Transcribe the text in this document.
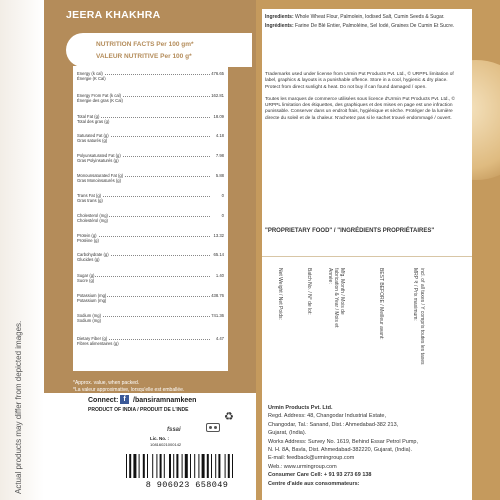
Actual products may differ from depicted images.
JEERA KHAKHRA
NUTRITION FACTS Per 100 gm*
VALEUR NUTRITIVE Per 100 g*
Energy (k cal)	476.65
Énergie (K Cal)
Energy From Fat (k cal)	162.81
Énergie des gras (K Cal)
Total Fat (g)	18.09
Total des gras (g)
Saturated Fat (g)	4.18
Gras saturés (g)
Polyunsaturated Fat (g)	7.98
Gras Polyinsaturés (g)
Monounsaturated Fat (g)	5.88
Gras Monoinsaturés (g)
Trans Fat (g)	0
Gras trans (g)
Cholesterol (mg)	0
Cholestérol (mg)
Protein (g)	13.32
Protéine (g)
Carbohydrate (g)	65.14
Glucides (g)
Sugar (g)	1.40
Sucre (g)
Potassium (mg)	438.76
Potassium (mg)
Sodium (mg)	741.36
Sodium (mg)
Dietary Fiber (g)	4.47
Fibres alimentaires (g)
*Approx. value, when packed.
*La valeur approximative, lorsqu'elle est emballée.
Connect: f	/bansiramnamkeen
PRODUCT OF INDIA / PRODUIT DE L'INDE
fssai
♻
Lic. No. :
10816021000142
8 906023 658049
Ingredients: Whole Wheat Flour, Palmolein, Iodised Salt, Cumin Seeds & Sugar.
Ingrédients: Farine De Blé Entier, Palmoléine, Sel Iodé, Graines De Cumin Et Sucre.

Trademarks used under license from Urmin Put Products Pvt. Ltd., © URPPL limitation of label, graphics & layouts is a punishable offence. Store in a cool, hygienic & dry place. Protect from direct sunlight & heat. Do not buy if can found damaged / open.

Toutes les marques de commerce utilisées sous licence d'Urmin Put Products Pvt. Ltd., © URPPL limitation des étiquettes, des graphiques et des mises en page est une infraction punissable. Conserver dans un endroit frais, hygiénique et sèche. Protéger de la lumière directe du soleil et de la chaleur. N'achetez pas si le sachet trouvé endommagé / ouvert.

"PROPRIETARY FOOD" / "INGRÉDIENTS PROPRIÉTAIRES"
Net Weight / Net Poids:	Batch No. / N° de lot:	Mfg. Month / Mois de fabrication & Year / Mois et Année:	BEST BEFORE / Meilleur avant:	MRP ₹ / Prix maximum: incl. of all taxes / Y compris toutes les taxes
Urmin Products Pvt. Ltd.
Regd. Address: 48, Changodar Industrial Estate,
Changodar, Tal.: Sanand, Dist.: Ahmedabad-382 213,
Gujarat, (India).
Works Address: Survey No. 1619, Behind Essar Petrol Pump,
N. H. 8A, Bavla, Dist. Ahmedabad-382220, Gujarat, (India).
E-mail: feedback@urmingroup.com
Web.: www.urmingroup.com
Consumer Care Cell: + 91 93 273 69 138
Centre d'aide aux consommateurs:
